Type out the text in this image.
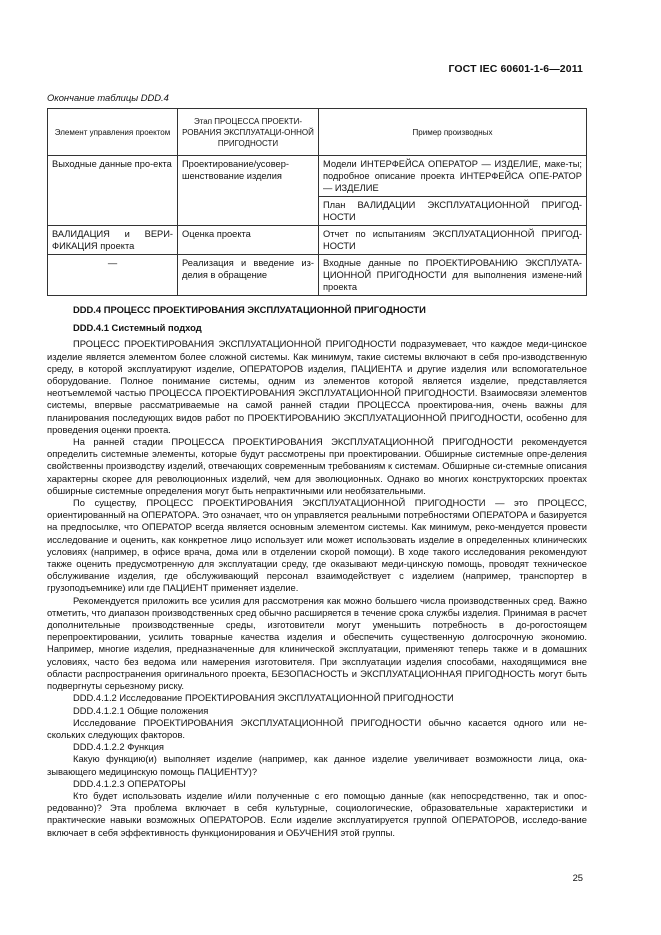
ГОСТ IEC 60601-1-6—2011
Окончание таблицы DDD.4
Элемент управления проектом	Этап ПРОЦЕССА ПРОЕКТИ-РОВАНИЯ ЭКСПЛУАТАЦИ-ОННОЙ ПРИГОДНОСТИ	Пример производных
Выходные данные про-екта	Проектирование/усовер-шенствование изделия	Модели ИНТЕРФЕЙСА ОПЕРАТОР — ИЗДЕЛИЕ, маке-ты; подробное описание проекта ИНТЕРФЕЙСА ОПЕ-РАТОР — ИЗДЕЛИЕ
		План ВАЛИДАЦИИ ЭКСПЛУАТАЦИОННОЙ ПРИГОД-НОСТИ
ВАЛИДАЦИЯ и ВЕРИ-ФИКАЦИЯ проекта	Оценка проекта	Отчет по испытаниям ЭКСПЛУАТАЦИОННОЙ ПРИГОД-НОСТИ
—	Реализация и введение из-делия в обращение	Входные данные по ПРОЕКТИРОВАНИЮ ЭКСПЛУАТА-ЦИОННОЙ ПРИГОДНОСТИ для выполнения измене-ний проекта

DDD.4 ПРОЦЕСС ПРОЕКТИРОВАНИЯ ЭКСПЛУАТАЦИОННОЙ ПРИГОДНОСТИ

DDD.4.1 Системный подход

ПРОЦЕСС ПРОЕКТИРОВАНИЯ ЭКСПЛУАТАЦИОННОЙ ПРИГОДНОСТИ подразумевает, что каждое меди-цинское изделие является элементом более сложной системы. Как минимум, такие системы включают в себя про-изводственную среду, в которой эксплуатируют изделие, ОПЕРАТОРОВ изделия, ПАЦИЕНТА и другие изделия или вспомогательное оборудование. Полное понимание системы, одним из элементов которой является изделие, представляется неотъемлемой частью ПРОЦЕССА ПРОЕКТИРОВАНИЯ ЭКСПЛУАТАЦИОННОЙ ПРИГОДНОСТИ. Взаимосвязи элементов системы, впервые рассматриваемые на самой ранней стадии ПРОЦЕССА проектирова-ния, очень важны для планирования последующих видов работ по ПРОЕКТИРОВАНИЮ ЭКСПЛУАТАЦИОННОЙ ПРИГОДНОСТИ, особенно для проведения оценки проекта.

На ранней стадии ПРОЦЕССА ПРОЕКТИРОВАНИЯ ЭКСПЛУАТАЦИОННОЙ ПРИГОДНОСТИ рекомендуется определить системные элементы, которые будут рассмотрены при проектировании. Обширные системные опре-деления свойственны производству изделий, отвечающих современным требованиям к системам. Обширные си-стемные описания характерны скорее для революционных изделий, чем для эволюционных. Однако во многих конструкторских проектах обширные системные определения могут быть непрактичными или необязательными.

По существу, ПРОЦЕСС ПРОЕКТИРОВАНИЯ ЭКСПЛУАТАЦИОННОЙ ПРИГОДНОСТИ — это ПРОЦЕСС, ориентированный на ОПЕРАТОРА. Это означает, что он управляется реальными потребностями ОПЕРАТОРА и базируется на предпосылке, что ОПЕРАТОР всегда является основным элементом системы. Как минимум, реко-мендуется провести исследование и оценить, как конкретное лицо использует или может использовать изделие в определенных клинических условиях (например, в офисе врача, дома или в отделении скорой помощи). В ходе такого исследования рекомендуют также оценить предусмотренную для эксплуатации среду, где оказывают меди-цинскую помощь, проводят техническое обслуживание изделия, где обслуживающий персонал взаимодействует с изделием (например, транспортер в грузоподъемнике) или где ПАЦИЕНТ применяет изделие.

Рекомендуется приложить все усилия для рассмотрения как можно большего числа производственных сред. Важно отметить, что диапазон производственных сред обычно расширяется в течение срока службы изделия. Принимая в расчет дополнительные производственные среды, изготовители могут уменьшить потребность в до-рогостоящем перепроектировании, усилить товарные качества изделия и обеспечить существенную долгосрочную экономию. Например, многие изделия, предназначенные для клинической эксплуатации, применяют теперь также и в домашних условиях, часто без ведома или намерения изготовителя. При эксплуатации изделия способами, находящимися вне области распространения оригинального проекта, БЕЗОПАСНОСТЬ и ЭКСПЛУАТАЦИОННАЯ ПРИГОДНОСТЬ могут быть подвергнуты серьезному риску.

DDD.4.1.2 Исследование ПРОЕКТИРОВАНИЯ ЭКСПЛУАТАЦИОННОЙ ПРИГОДНОСТИ

DDD.4.1.2.1 Общие положения

Исследование ПРОЕКТИРОВАНИЯ ЭКСПЛУАТАЦИОННОЙ ПРИГОДНОСТИ обычно касается одного или не-скольких следующих факторов.

DDD.4.1.2.2 Функция

Какую функцию(и) выполняет изделие (например, как данное изделие увеличивает возможности лица, ока-зывающего медицинскую помощь ПАЦИЕНТУ)?

DDD.4.1.2.3 ОПЕРАТОРЫ

Кто будет использовать изделие и/или полученные с его помощью данные (как непосредственно, так и опос-редованно)? Эта проблема включает в себя культурные, социологические, образовательные характеристики и практические навыки возможных ОПЕРАТОРОВ. Если изделие эксплуатируется группой ОПЕРАТОРОВ, исследо-вание включает в себя эффективность функционирования и ОБУЧЕНИЯ этой группы.

25
